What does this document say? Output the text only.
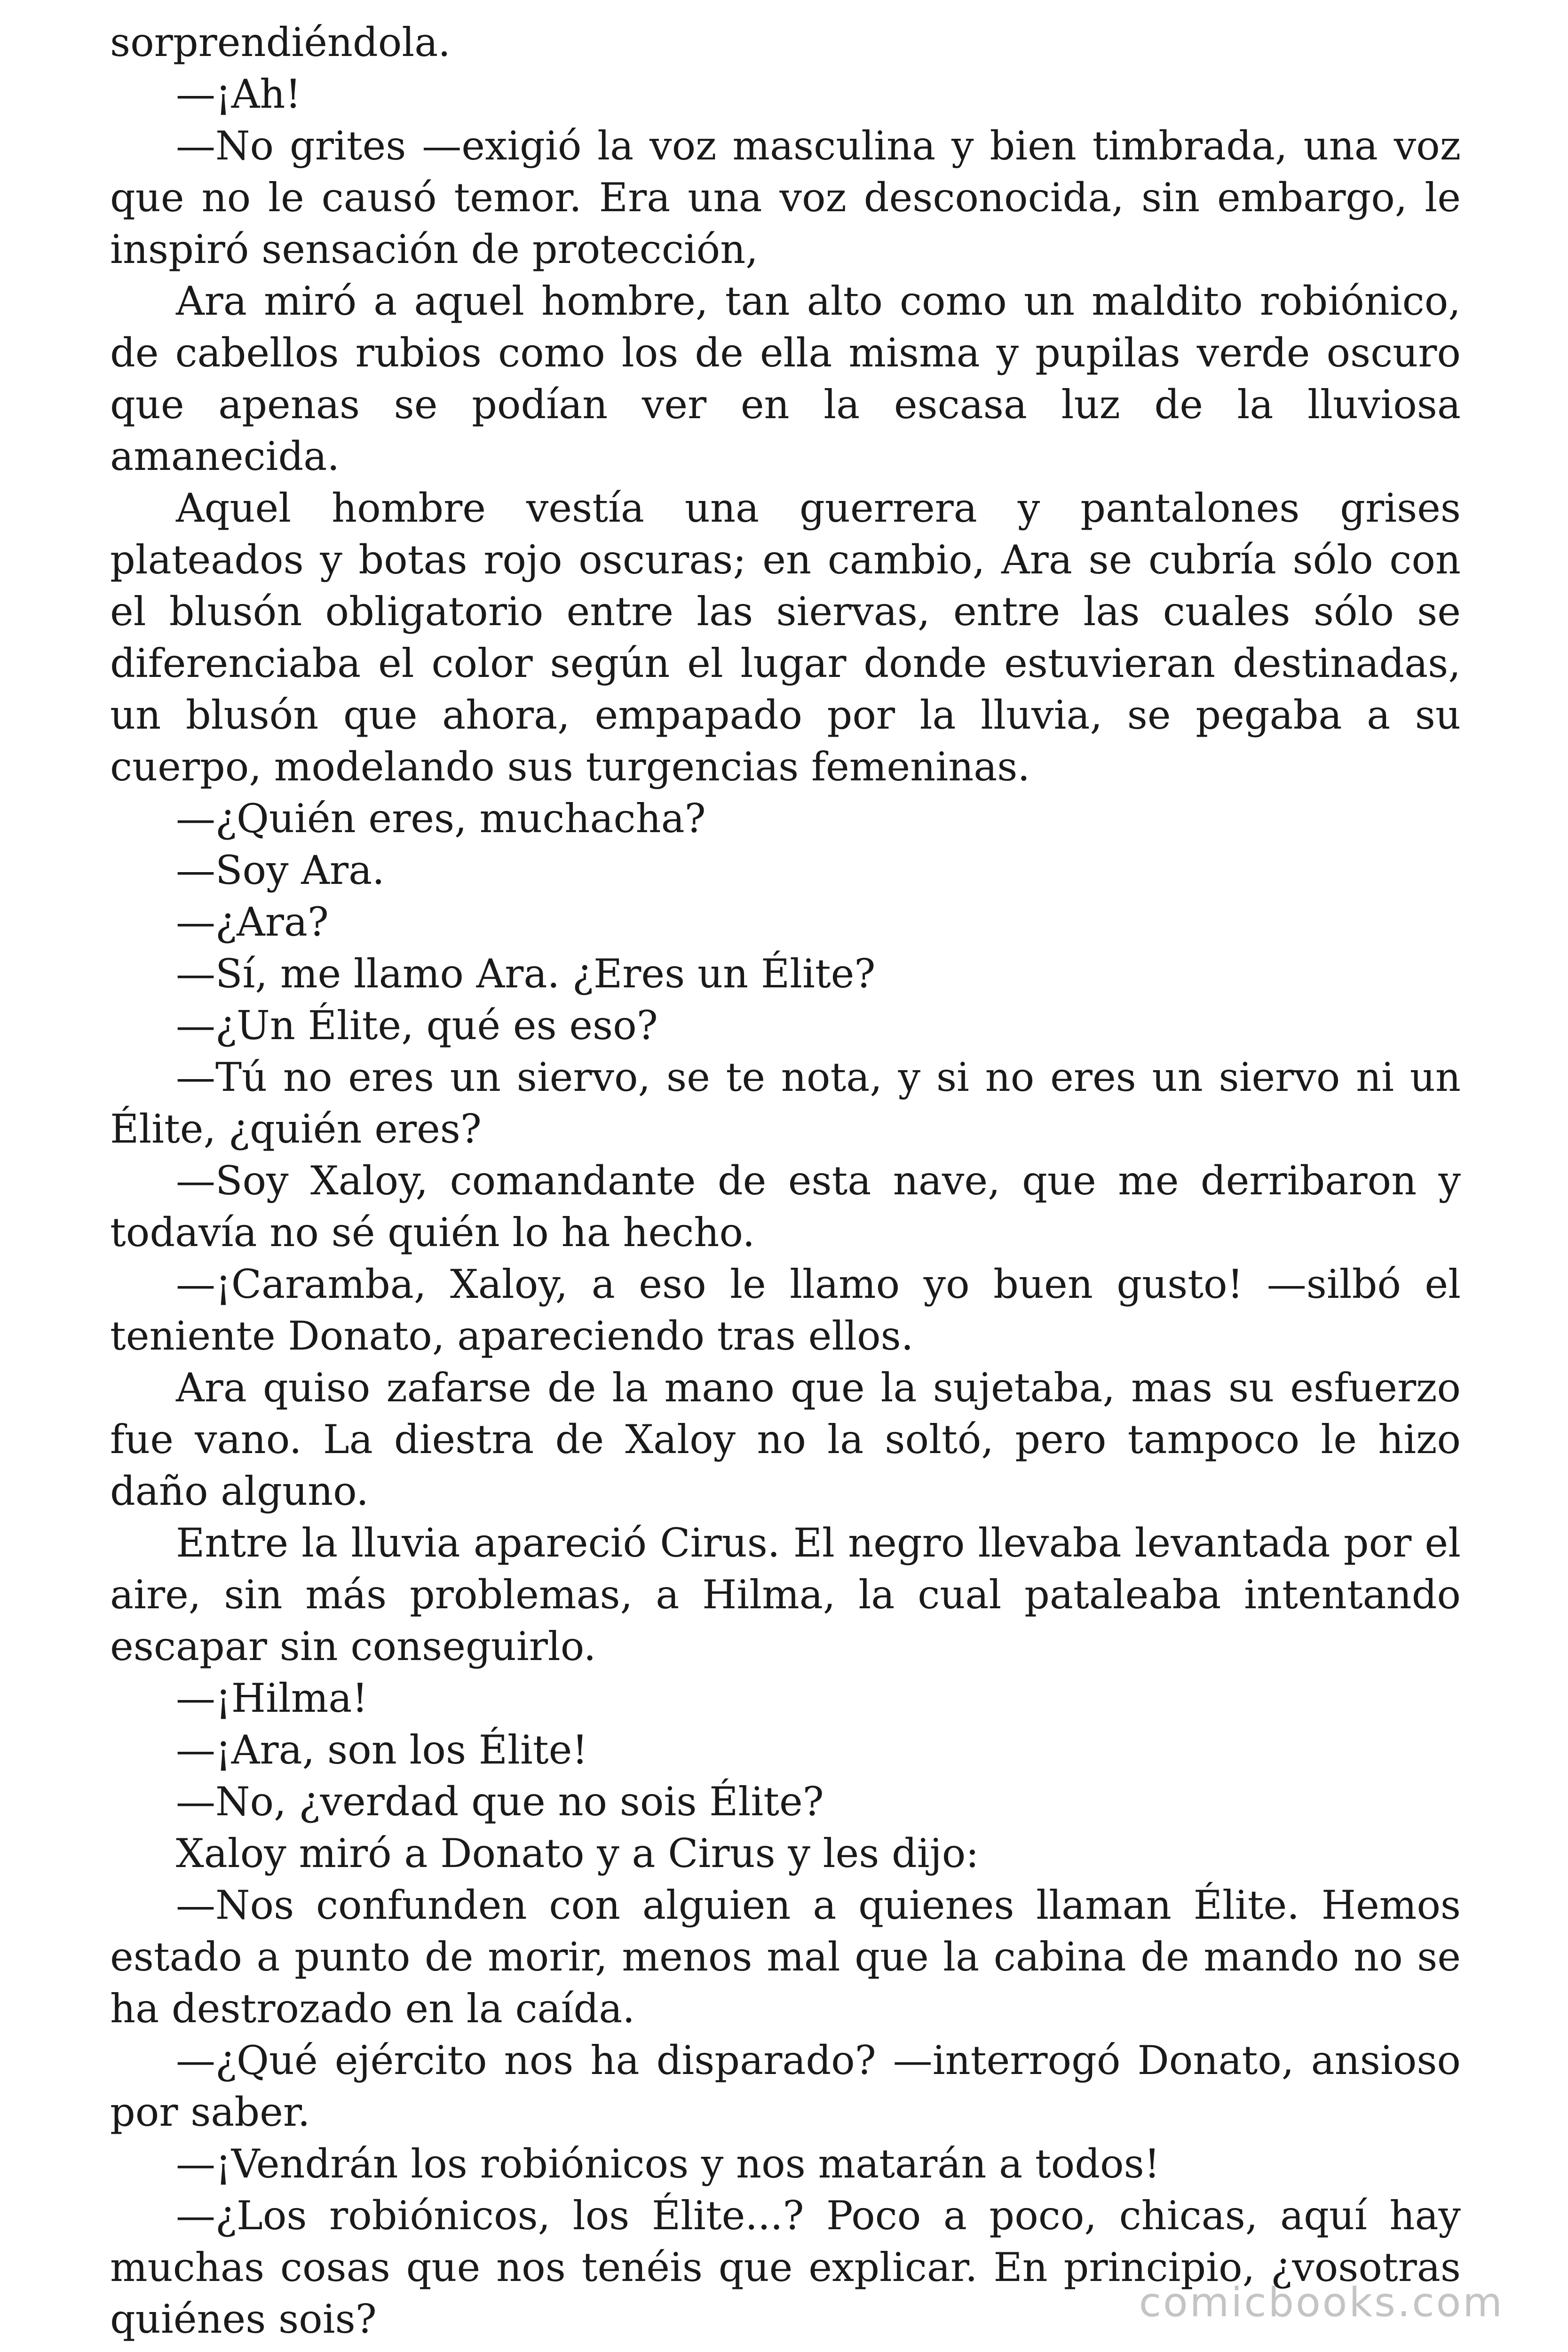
sorprendiéndola.

—¡Ah!

—No grites —exigió la voz masculina y bien timbrada, una voz que no le causó temor. Era una voz desconocida, sin embargo, le inspiró sensación de protección,

Ara miró a aquel hombre, tan alto como un maldito robiónico, de cabellos rubios como los de ella misma y pupilas verde oscuro que apenas se podían ver en la escasa luz de la lluviosa amanecida.

Aquel hombre vestía una guerrera y pantalones grises plateados y botas rojo oscuras; en cambio, Ara se cubría sólo con el blusón obligatorio entre las siervas, entre las cuales sólo se diferenciaba el color según el lugar donde estuvieran destinadas, un blusón que ahora, empapado por la lluvia, se pegaba a su cuerpo, modelando sus turgencias femeninas.

—¿Quién eres, muchacha?

—Soy Ara.

—¿Ara?

—Sí, me llamo Ara. ¿Eres un Élite?

—¿Un Élite, qué es eso?

—Tú no eres un siervo, se te nota, y si no eres un siervo ni un Élite, ¿quién eres?

—Soy Xaloy, comandante de esta nave, que me derribaron y todavía no sé quién lo ha hecho.

—¡Caramba, Xaloy, a eso le llamo yo buen gusto! —silbó el teniente Donato, apareciendo tras ellos.

Ara quiso zafarse de la mano que la sujetaba, mas su esfuerzo fue vano. La diestra de Xaloy no la soltó, pero tampoco le hizo daño alguno.

Entre la lluvia apareció Cirus. El negro llevaba levantada por el aire, sin más problemas, a Hilma, la cual pataleaba intentando escapar sin conseguirlo.

—¡Hilma!

—¡Ara, son los Élite!

—No, ¿verdad que no sois Élite?

Xaloy miró a Donato y a Cirus y les dijo:

—Nos confunden con alguien a quienes llaman Élite. Hemos estado a punto de morir, menos mal que la cabina de mando no se ha destrozado en la caída.

—¿Qué ejército nos ha disparado? —interrogó Donato, ansioso por saber.

—¡Vendrán los robiónicos y nos matarán a todos!

—¿Los robiónicos, los Élite...? Poco a poco, chicas, aquí hay muchas cosas que nos tenéis que explicar. En principio, ¿vosotras quiénes sois?	comicbooks.com
